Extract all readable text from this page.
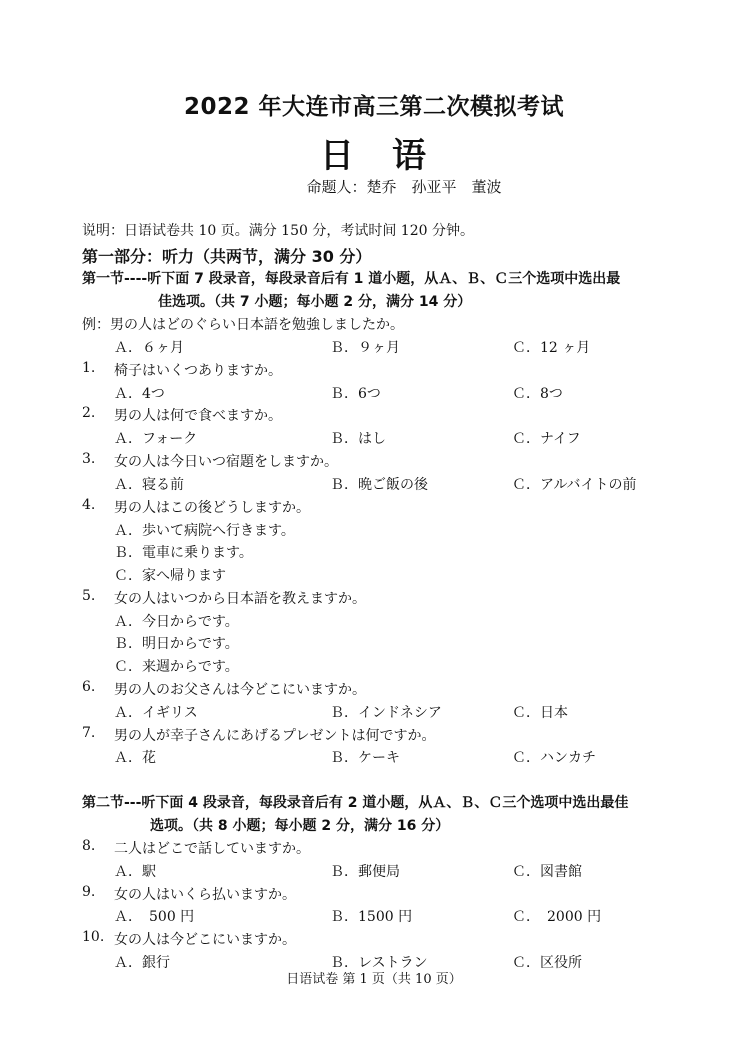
2022 年大连市高三第二次模拟考试
日　语
命题人：楚乔　孙亚平　董波
说明：日语试卷共 10 页。满分 150 分，考试时间 120 分钟。
第一部分：听力（共两节，满分 30 分）
第一节----听下面 7 段录音，每段录音后有 1 道小题，从Ａ、Ｂ、Ｃ三个选项中选出最
佳选项。（共 7 小题；每小题 2 分，满分 14 分）
例：男の人はどのぐらい日本語を勉強しましたか。
Ａ．６ヶ月	Ｂ．９ヶ月	Ｃ．12 ヶ月
1. 椅子はいくつありますか。
Ａ．4つ	Ｂ．6つ	Ｃ．8つ
2. 男の人は何で食べますか。
Ａ．フォーク	Ｂ．はし	Ｃ．ナイフ
3. 女の人は今日いつ宿題をしますか。
Ａ．寝る前	Ｂ．晩ご飯の後	Ｃ．アルバイトの前
4. 男の人はこの後どうしますか。
Ａ．歩いて病院へ行きます。
Ｂ．電車に乗ります。
Ｃ．家へ帰ります
5. 女の人はいつから日本語を教えますか。
Ａ．今日からです。
Ｂ．明日からです。
Ｃ．来週からです。
6. 男の人のお父さんは今どこにいますか。
Ａ．イギリス	Ｂ．インドネシア	Ｃ．日本
7. 男の人が幸子さんにあげるプレゼントは何ですか。
Ａ．花	Ｂ．ケーキ	Ｃ．ハンカチ
第二节---听下面 4 段录音，每段录音后有 2 道小题，从Ａ、Ｂ、Ｃ三个选项中选出最佳
选项。（共 8 小题；每小题 2 分，满分 16 分）
8. 二人はどこで話していますか。
Ａ．駅	Ｂ．郵便局	Ｃ．図書館
9. 女の人はいくら払いますか。
Ａ．　500 円	Ｂ．1500 円	Ｃ．　2000 円
10. 女の人は今どこにいますか。
Ａ．銀行	Ｂ．レストラン	Ｃ．区役所
日语试卷 第 1 页（共 10 页）
